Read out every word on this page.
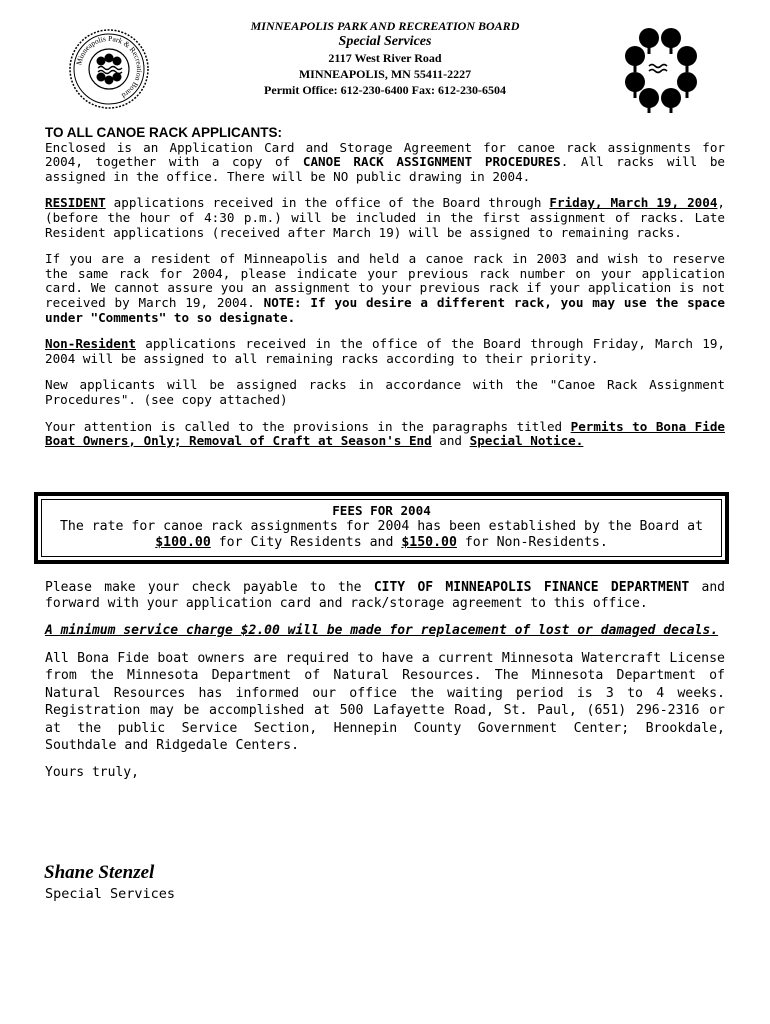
Minneapolis Park & Recreation Board
MINNEAPOLIS PARK AND RECREATION BOARD
Special Services
2117 West River Road
MINNEAPOLIS, MN 55411-2227
Permit Office: 612-230-6400 Fax: 612-230-6504
TO ALL CANOE RACK APPLICANTS:

Enclosed is an Application Card and Storage Agreement for canoe rack assignments for 2004, together with a copy of CANOE RACK ASSIGNMENT PROCEDURES. All racks will be assigned in the office. There will be NO public drawing in 2004.

RESIDENT applications received in the office of the Board through Friday, March 19, 2004, (before the hour of 4:30 p.m.) will be included in the first assignment of racks. Late Resident applications (received after March 19) will be assigned to remaining racks.

If you are a resident of Minneapolis and held a canoe rack in 2003 and wish to reserve the same rack for 2004, please indicate your previous rack number on your application card. We cannot assure you an assignment to your previous rack if your application is not received by March 19, 2004. NOTE: If you desire a different rack, you may use the space under "Comments" to so designate.

Non-Resident applications received in the office of the Board through Friday, March 19, 2004 will be assigned to all remaining racks according to their priority.

New applicants will be assigned racks in accordance with the "Canoe Rack Assignment Procedures". (see copy attached)

Your attention is called to the provisions in the paragraphs titled Permits to Bona Fide Boat Owners, Only; Removal of Craft at Season's End and Special Notice.

FEES FOR 2004
The rate for canoe rack assignments for 2004 has been established by the Board at $100.00 for City Residents and $150.00 for Non-Residents.

Please make your check payable to the CITY OF MINNEAPOLIS FINANCE DEPARTMENT and forward with your application card and rack/storage agreement to this office.

A minimum service charge $2.00 will be made for replacement of lost or damaged decals.

All Bona Fide boat owners are required to have a current Minnesota Watercraft License from the Minnesota Department of Natural Resources. The Minnesota Department of Natural Resources has informed our office the waiting period is 3 to 4 weeks. Registration may be accomplished at 500 Lafayette Road, St. Paul, (651) 296-2316 or at the public Service Section, Hennepin County Government Center; Brookdale, Southdale and Ridgedale Centers.

Yours truly,

Shane Stenzel
Special Services
